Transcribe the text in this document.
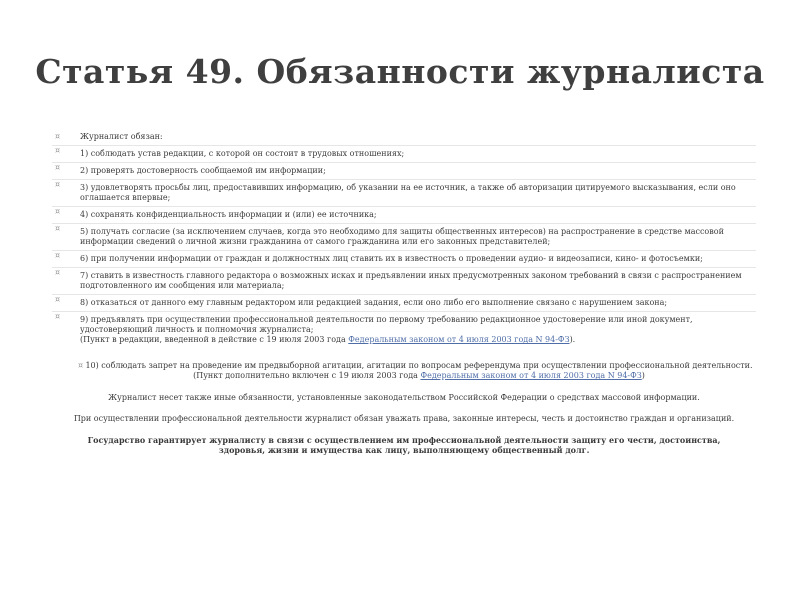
Статья 49. Обязанности журналиста
¤ Журналист обязан:
¤ 1) соблюдать устав редакции, с которой он состоит в трудовых отношениях;
¤ 2) проверять достоверность сообщаемой им информации;
¤ 3) удовлетворять просьбы лиц, предоставивших информацию, об указании на ее источник, а также об авторизации цитируемого высказывания, если оно оглашается впервые;
¤ 4) сохранять конфиденциальность информации и (или) ее источника;
¤ 5) получать согласие (за исключением случаев, когда это необходимо для защиты общественных интересов) на распространение в средстве массовой информации сведений о личной жизни гражданина от самого гражданина или его законных представителей;
¤ 6) при получении информации от граждан и должностных лиц ставить их в известность о проведении аудио- и видеозаписи, кино- и фотосъемки;
¤ 7) ставить в известность главного редактора о возможных исках и предъявлении иных предусмотренных законом требований в связи с распространением подготовленного им сообщения или материала;
¤ 8) отказаться от данного ему главным редактором или редакцией задания, если оно либо его выполнение связано с нарушением закона;
¤ 9) предъявлять при осуществлении профессиональной деятельности по первому требованию редакционное удостоверение или иной документ, удостоверяющий личность и полномочия журналиста;
(Пункт в редакции, введенной в действие с 19 июля 2003 года Федеральным законом от 4 июля 2003 года N 94-ФЗ).
¤ 10) соблюдать запрет на проведение им предвыборной агитации, агитации по вопросам референдума при осуществлении профессиональной деятельности.
(Пункт дополнительно включен с 19 июля 2003 года Федеральным законом от 4 июля 2003 года N 94-ФЗ)
Журналист несет также иные обязанности, установленные законодательством Российской Федерации о средствах массовой информации.
При осуществлении профессиональной деятельности журналист обязан уважать права, законные интересы, честь и достоинство граждан и организаций.
Государство гарантирует журналисту в связи с осуществлением им профессиональной деятельности защиту его чести, достоинства, здоровья, жизни и имущества как лицу, выполняющему общественный долг.
